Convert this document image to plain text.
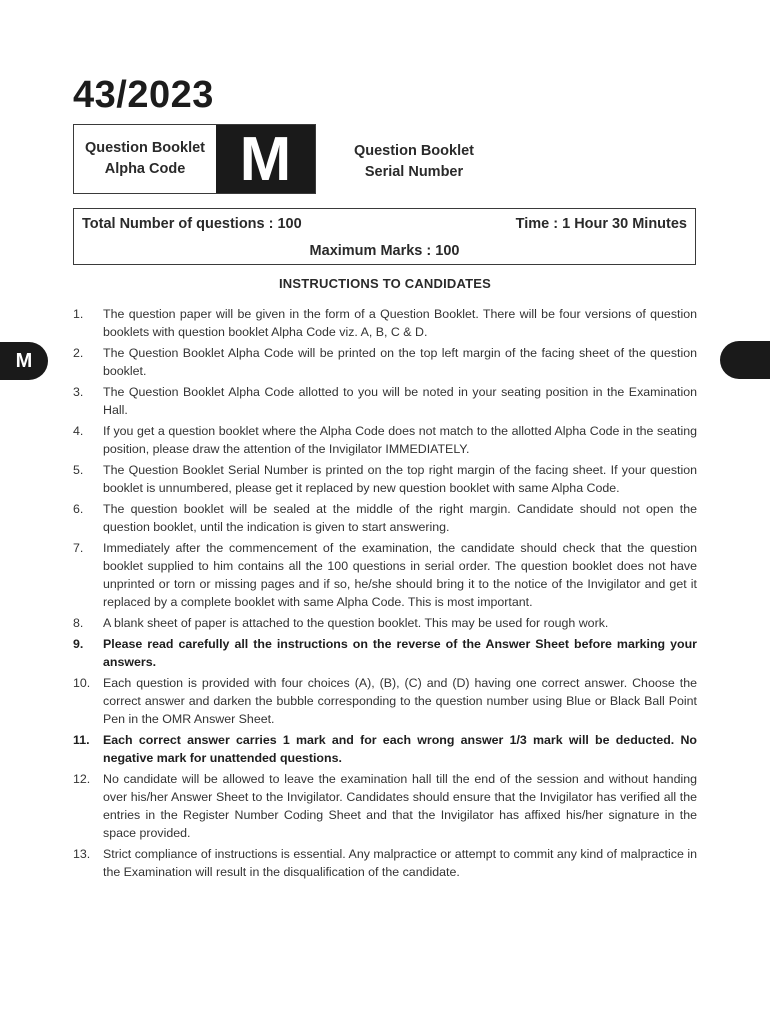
43/2023
Question Booklet
Alpha Code M	Question Booklet
Serial Number
Total Number of questions : 100	Time : 1 Hour 30 Minutes
Maximum Marks : 100
INSTRUCTIONS TO CANDIDATES
M
1.	The question paper will be given in the form of a Question Booklet. There will be four versions of question booklets with question booklet Alpha Code viz. A, B, C & D.
2.	The Question Booklet Alpha Code will be printed on the top left margin of the facing sheet of the question booklet.
3.	The Question Booklet Alpha Code allotted to you will be noted in your seating position in the Examination Hall.
4.	If you get a question booklet where the Alpha Code does not match to the allotted Alpha Code in the seating position, please draw the attention of the Invigilator IMMEDIATELY.
5.	The Question Booklet Serial Number is printed on the top right margin of the facing sheet. If your question booklet is unnumbered, please get it replaced by new question booklet with same Alpha Code.
6.	The question booklet will be sealed at the middle of the right margin. Candidate should not open the question booklet, until the indication is given to start answering.
7.	Immediately after the commencement of the examination, the candidate should check that the question booklet supplied to him contains all the 100 questions in serial order. The question booklet does not have unprinted or torn or missing pages and if so, he/she should bring it to the notice of the Invigilator and get it replaced by a complete booklet with same Alpha Code. This is most important.
8.	A blank sheet of paper is attached to the question booklet. This may be used for rough work.
9.	Please read carefully all the instructions on the reverse of the Answer Sheet before marking your answers.
10.	Each question is provided with four choices (A), (B), (C) and (D) having one correct answer. Choose the correct answer and darken the bubble corresponding to the question number using Blue or Black Ball Point Pen in the OMR Answer Sheet.
11.	Each correct answer carries 1 mark and for each wrong answer 1/3 mark will be deducted. No negative mark for unattended questions.
12.	No candidate will be allowed to leave the examination hall till the end of the session and without handing over his/her Answer Sheet to the Invigilator. Candidates should ensure that the Invigilator has verified all the entries in the Register Number Coding Sheet and that the Invigilator has affixed his/her signature in the space provided.
13.	Strict compliance of instructions is essential. Any malpractice or attempt to commit any kind of malpractice in the Examination will result in the disqualification of the candidate.
